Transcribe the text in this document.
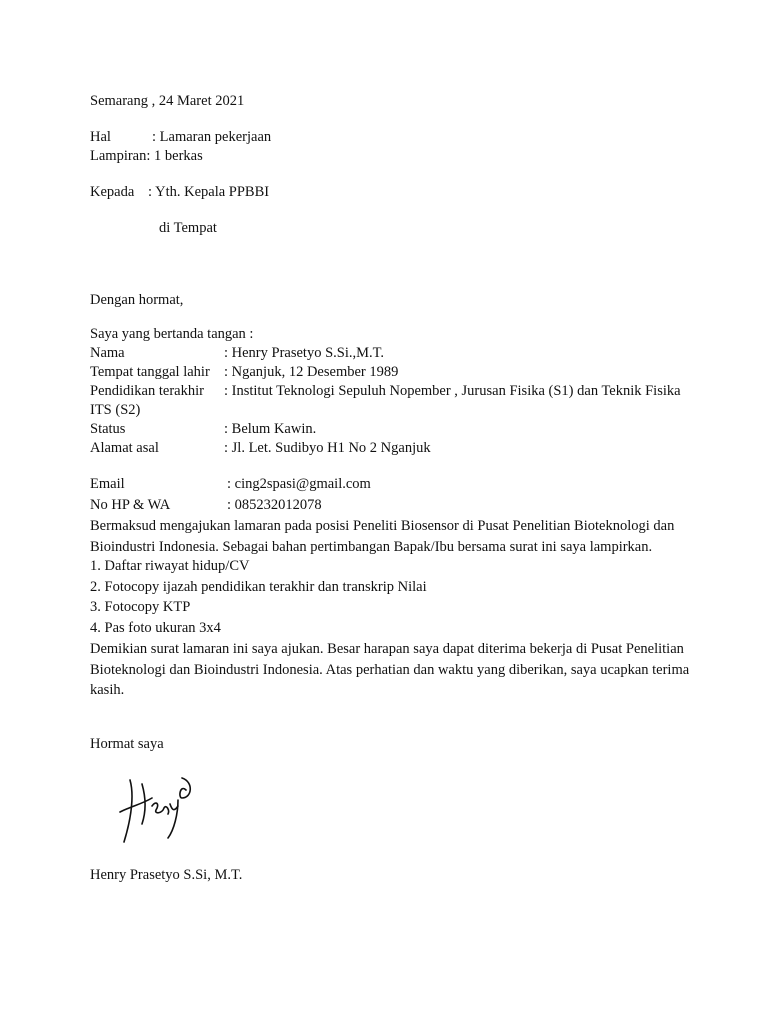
Semarang , 24 Maret 2021
Hal	: Lamaran pekerjaan
Lampiran : 1 berkas
Kepada : Yth. Kepala PPBBI
di Tempat
Dengan hormat,
Saya yang bertanda tangan :
Nama	: Henry Prasetyo S.Si.,M.T.
Tempat tanggal lahir : Nganjuk, 12 Desember 1989
Pendidikan terakhir : Institut Teknologi Sepuluh Nopember , Jurusan Fisika (S1) dan Teknik Fisika ITS (S2)
Status	: Belum Kawin.
Alamat asal	: Jl. Let. Sudibyo H1 No 2 Nganjuk
Email	: cing2spasi@gmail.com
No HP & WA	: 085232012078
Bermaksud mengajukan lamaran pada posisi Peneliti Biosensor di Pusat Penelitian Bioteknologi dan Bioindustri Indonesia. Sebagai bahan pertimbangan Bapak/Ibu bersama surat ini saya lampirkan.
1. Daftar riwayat hidup/CV
2. Fotocopy ijazah pendidikan terakhir dan transkrip Nilai
3. Fotocopy KTP
4. Pas foto ukuran 3x4
Demikian surat lamaran ini saya ajukan. Besar harapan saya dapat diterima bekerja di Pusat Penelitian Bioteknologi dan Bioindustri Indonesia. Atas perhatian dan waktu yang diberikan, saya ucapkan terima kasih.
Hormat saya
Henry Prasetyo S.Si, M.T.
